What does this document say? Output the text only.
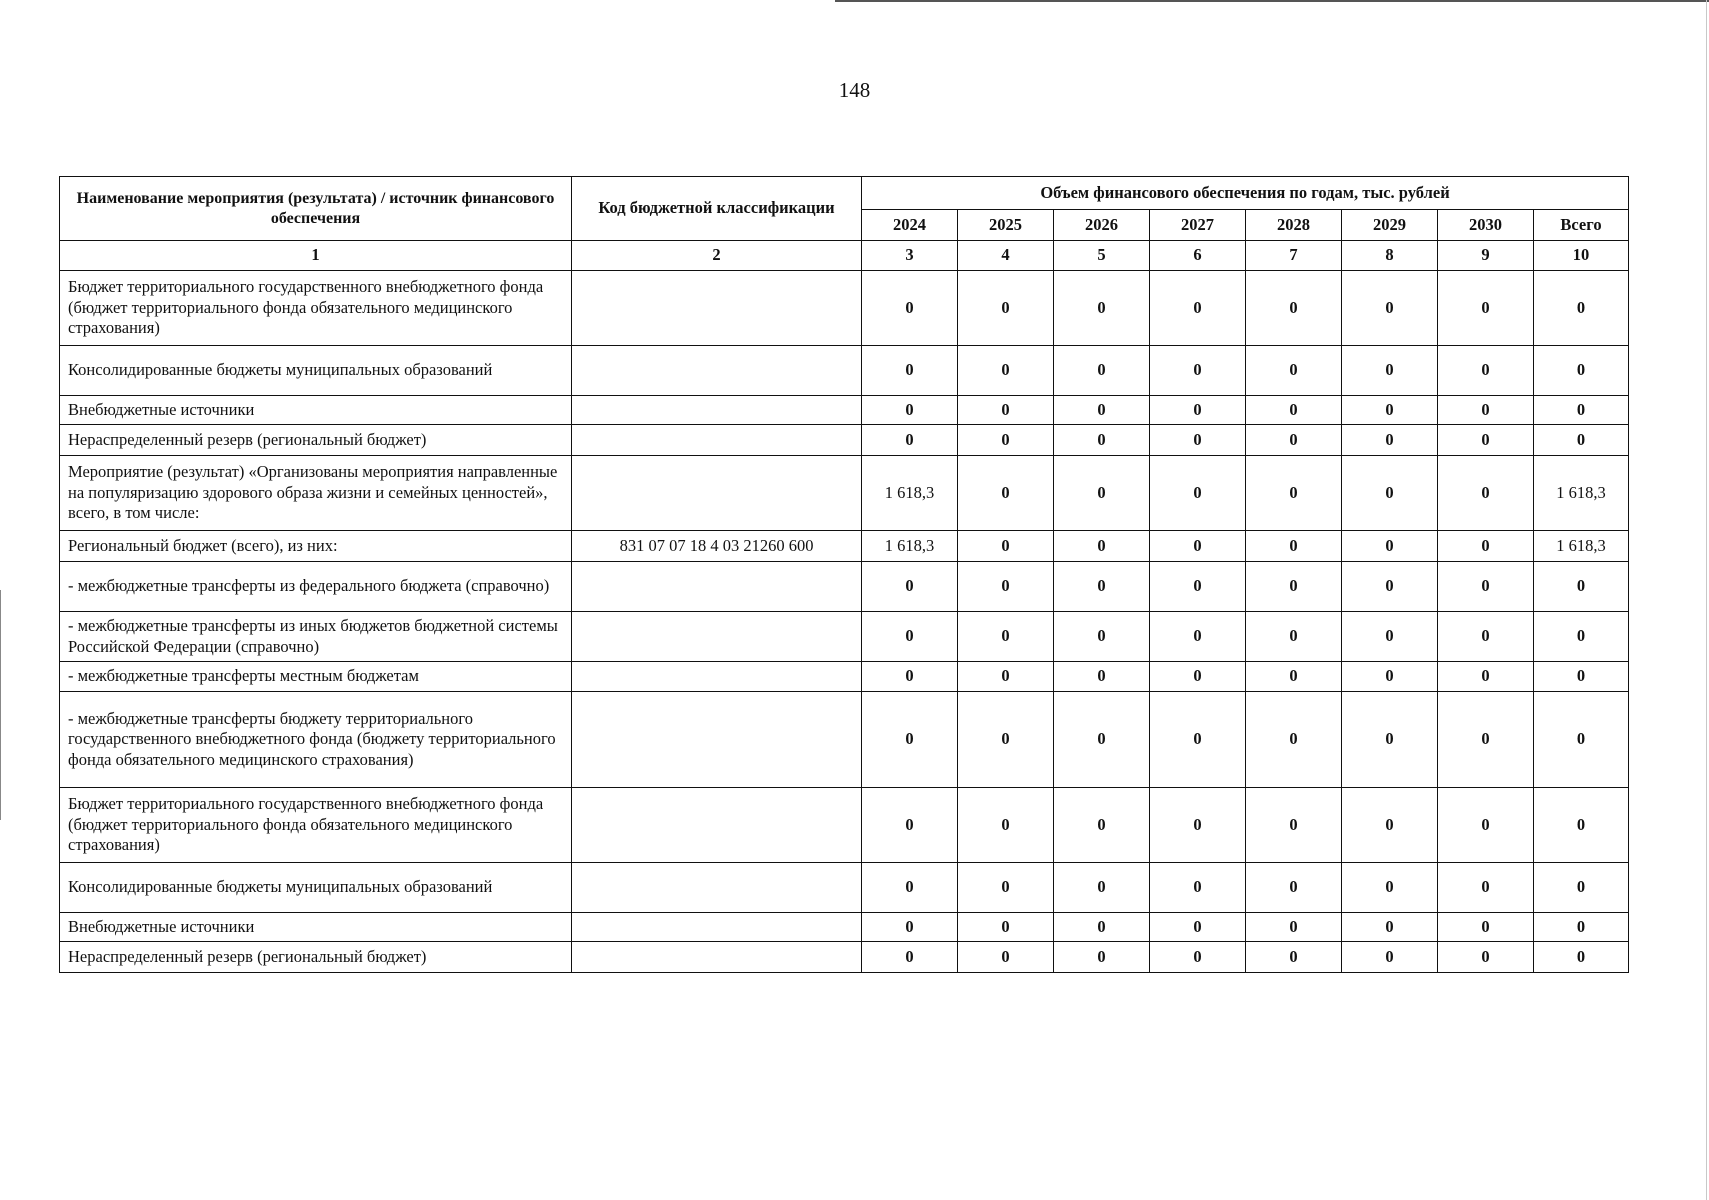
148
Наименование мероприятия (результата) / источник финансового обеспечения	Код бюджетной классификации	Объем финансового обеспечения по годам, тыс. рублей							
		2024	2025	2026	2027	2028	2029	2030	Всего
1	2	3	4	5	6	7	8	9	10
Бюджет территориального государственного внебюджетного фонда (бюджет территориального фонда обязательного медицинского страхования)		0	0	0	0	0	0	0	0
Консолидированные бюджеты муниципальных образований		0	0	0	0	0	0	0	0
Внебюджетные источники		0	0	0	0	0	0	0	0
Нераспределенный резерв (региональный бюджет)		0	0	0	0	0	0	0	0
Мероприятие (результат) «Организованы мероприятия направленные на популяризацию здорового образа жизни и семейных ценностей», всего, в том числе:		1 618,3	0	0	0	0	0	0	1 618,3
Региональный бюджет (всего), из них:	831 07 07 18 4 03 21260 600	1 618,3	0	0	0	0	0	0	1 618,3
- межбюджетные трансферты из федерального бюджета (справочно)		0	0	0	0	0	0	0	0
- межбюджетные трансферты из иных бюджетов бюджетной системы Российской Федерации (справочно)		0	0	0	0	0	0	0	0
- межбюджетные трансферты местным бюджетам		0	0	0	0	0	0	0	0
- межбюджетные трансферты бюджету территориального государственного внебюджетного фонда (бюджету территориального фонда обязательного медицинского страхования)		0	0	0	0	0	0	0	0
Бюджет территориального государственного внебюджетного фонда (бюджет территориального фонда обязательного медицинского страхования)		0	0	0	0	0	0	0	0
Консолидированные бюджеты муниципальных образований		0	0	0	0	0	0	0	0
Внебюджетные источники		0	0	0	0	0	0	0	0
Нераспределенный резерв (региональный бюджет)		0	0	0	0	0	0	0	0
